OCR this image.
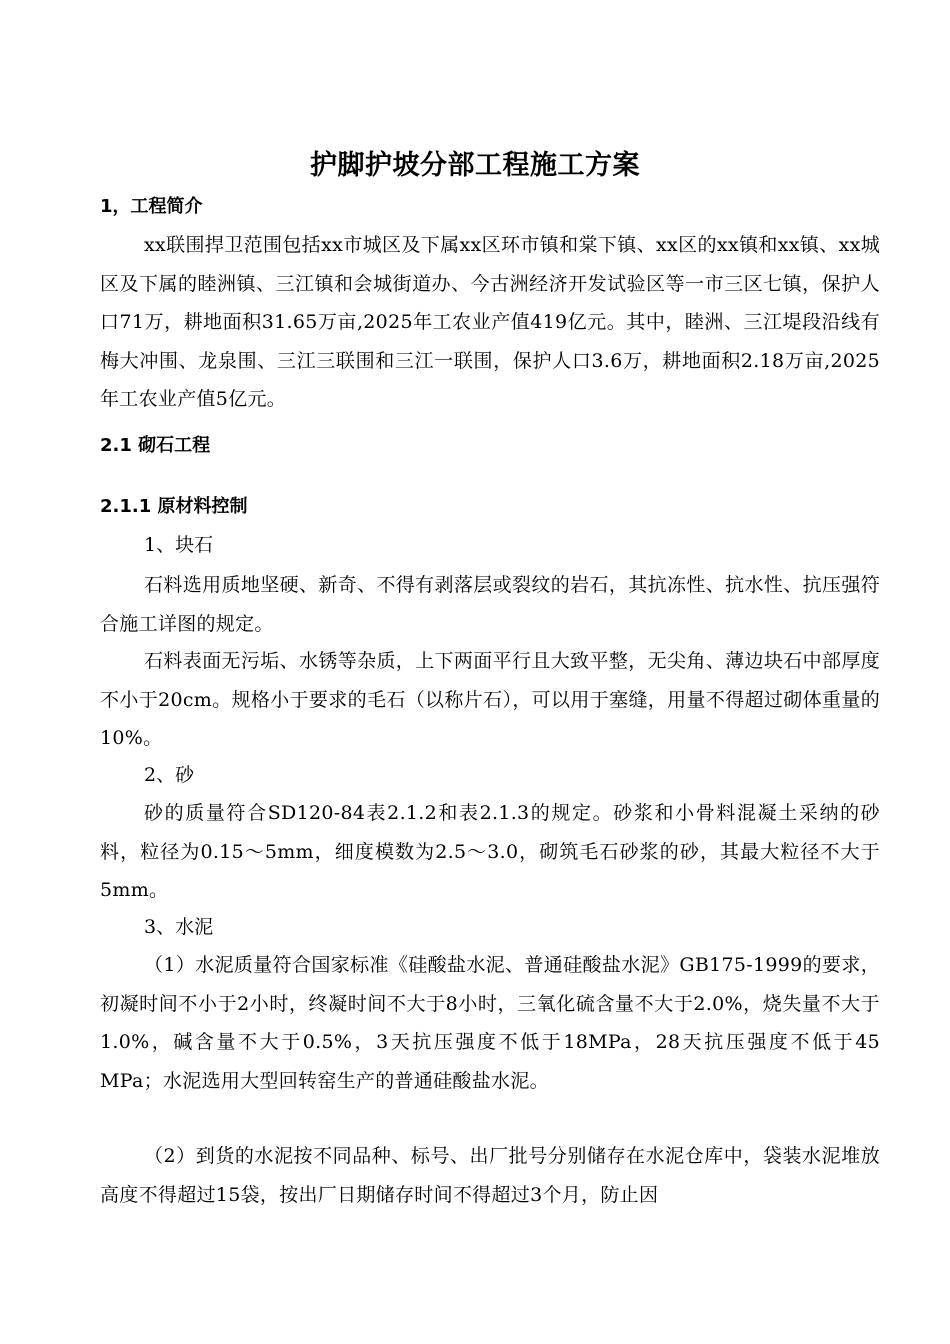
护脚护坡分部工程施工方案
1，工程简介
xx联围捍卫范围包括xx市城区及下属xx区环市镇和棠下镇、xx区的xx镇和xx镇、xx城区及下属的睦洲镇、三江镇和会城街道办、今古洲经济开发试验区等一市三区七镇，保护人口71万，耕地面积31.65万亩,2025年工农业产值419亿元。其中，睦洲、三江堤段沿线有梅大冲围、龙泉围、三江三联围和三江一联围，保护人口3.6万，耕地面积2.18万亩,2025年工农业产值5亿元。
2.1 砌石工程
2.1.1 原材料控制
1、块石
石料选用质地坚硬、新奇、不得有剥落层或裂纹的岩石，其抗冻性、抗水性、抗压强符合施工详图的规定。
石料表面无污垢、水锈等杂质，上下两面平行且大致平整，无尖角、薄边块石中部厚度不小于20cm。规格小于要求的毛石（以称片石），可以用于塞缝，用量不得超过砌体重量的10%。
2、砂
砂的质量符合SD120-84表2.1.2和表2.1.3的规定。砂浆和小骨料混凝土采纳的砂料，粒径为0.15～5mm，细度模数为2.5～3.0，砌筑毛石砂浆的砂，其最大粒径不大于5mm。
3、水泥
（1）水泥质量符合国家标准《硅酸盐水泥、普通硅酸盐水泥》GB175-1999的要求，初凝时间不小于2小时，终凝时间不大于8小时，三氧化硫含量不大于2.0%，烧失量不大于1.0%，碱含量不大于0.5%，3天抗压强度不低于18MPa，28天抗压强度不低于45 MPa；水泥选用大型回转窑生产的普通硅酸盐水泥。
（2）到货的水泥按不同品种、标号、出厂批号分别储存在水泥仓库中，袋装水泥堆放高度不得超过15袋，按出厂日期储存时间不得超过3个月，防止因
